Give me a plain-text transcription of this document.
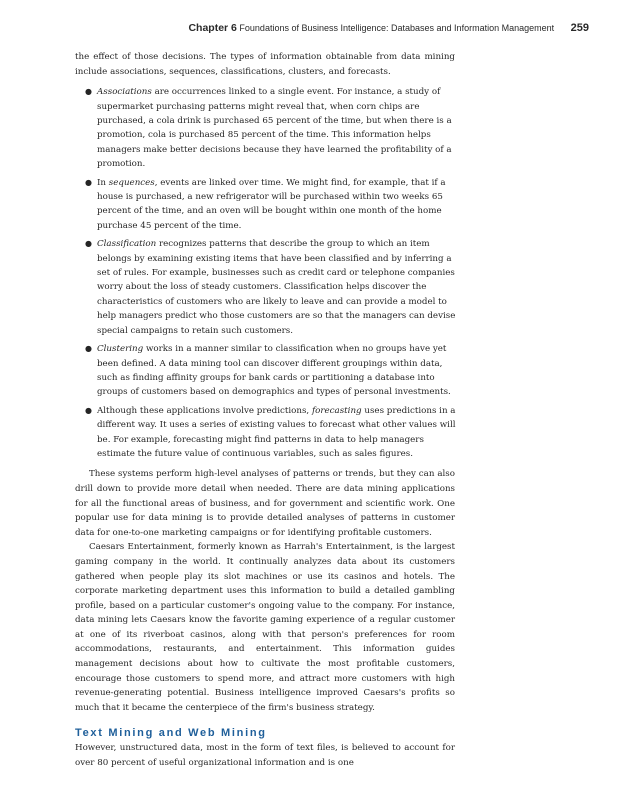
Chapter 6 Foundations of Business Intelligence: Databases and Information Management 259

the effect of those decisions. The types of information obtainable from data mining include associations, sequences, classifications, clusters, and forecasts.

● Associations are occurrences linked to a single event. For instance, a study of supermarket purchasing patterns might reveal that, when corn chips are purchased, a cola drink is purchased 65 percent of the time, but when there is a promotion, cola is purchased 85 percent of the time. This information helps managers make better decisions because they have learned the profitability of a promotion.
● In sequences, events are linked over time. We might find, for example, that if a house is purchased, a new refrigerator will be purchased within two weeks 65 percent of the time, and an oven will be bought within one month of the home purchase 45 percent of the time.
● Classification recognizes patterns that describe the group to which an item belongs by examining existing items that have been classified and by inferring a set of rules. For example, businesses such as credit card or telephone companies worry about the loss of steady customers. Classification helps discover the characteristics of customers who are likely to leave and can provide a model to help managers predict who those customers are so that the managers can devise special campaigns to retain such customers.
● Clustering works in a manner similar to classification when no groups have yet been defined. A data mining tool can discover different groupings within data, such as finding affinity groups for bank cards or partitioning a database into groups of customers based on demographics and types of personal investments.
● Although these applications involve predictions, forecasting uses predictions in a different way. It uses a series of existing values to forecast what other values will be. For example, forecasting might find patterns in data to help managers estimate the future value of continuous variables, such as sales figures.

These systems perform high-level analyses of patterns or trends, but they can also drill down to provide more detail when needed. There are data mining applications for all the functional areas of business, and for government and scientific work. One popular use for data mining is to provide detailed analyses of patterns in customer data for one-to-one marketing campaigns or for identifying profitable customers.

Caesars Entertainment, formerly known as Harrah's Entertainment, is the largest gaming company in the world. It continually analyzes data about its customers gathered when people play its slot machines or use its casinos and hotels. The corporate marketing department uses this information to build a detailed gambling profile, based on a particular customer's ongoing value to the company. For instance, data mining lets Caesars know the favorite gaming experience of a regular customer at one of its riverboat casinos, along with that person's preferences for room accommodations, restaurants, and entertainment. This information guides management decisions about how to cultivate the most profitable customers, encourage those customers to spend more, and attract more customers with high revenue-generating potential. Business intelligence improved Caesars's profits so much that it became the centerpiece of the firm's business strategy.

Text Mining and Web Mining

However, unstructured data, most in the form of text files, is believed to account for over 80 percent of useful organizational information and is one
